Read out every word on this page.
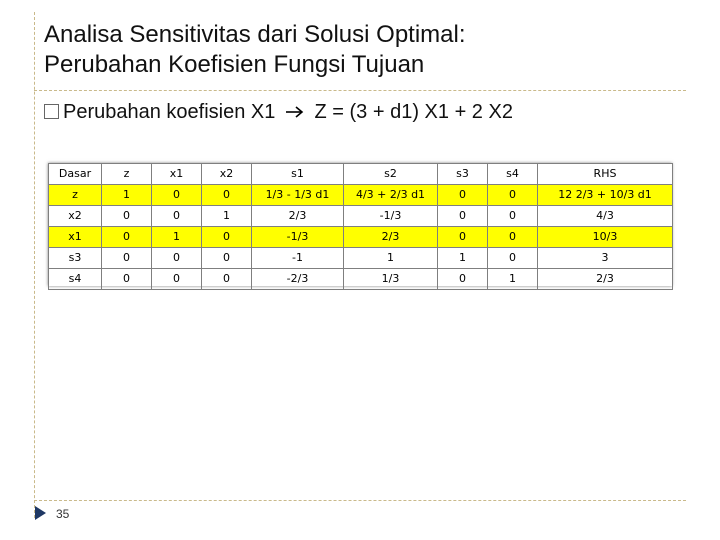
Analisa Sensitivitas dari Solusi Optimal:
Perubahan Koefisien Fungsi Tujuan
Perubahan koefisien X1 Z = (3 + d1) X1 + 2 X2
Dasar	z	x1	x2	s1	s2	s3	s4	RHS
z	1	0	0	1/3 - 1/3 d1	4/3 + 2/3 d1	0	0	12 2/3 + 10/3 d1
x2	0	0	1	2/3	-1/3	0	0	4/3
x1	0	1	0	-1/3	2/3	0	0	10/3
s3	0	0	0	-1	1	1	0	3
s4	0	0	0	-2/3	1/3	0	1	2/3
35
